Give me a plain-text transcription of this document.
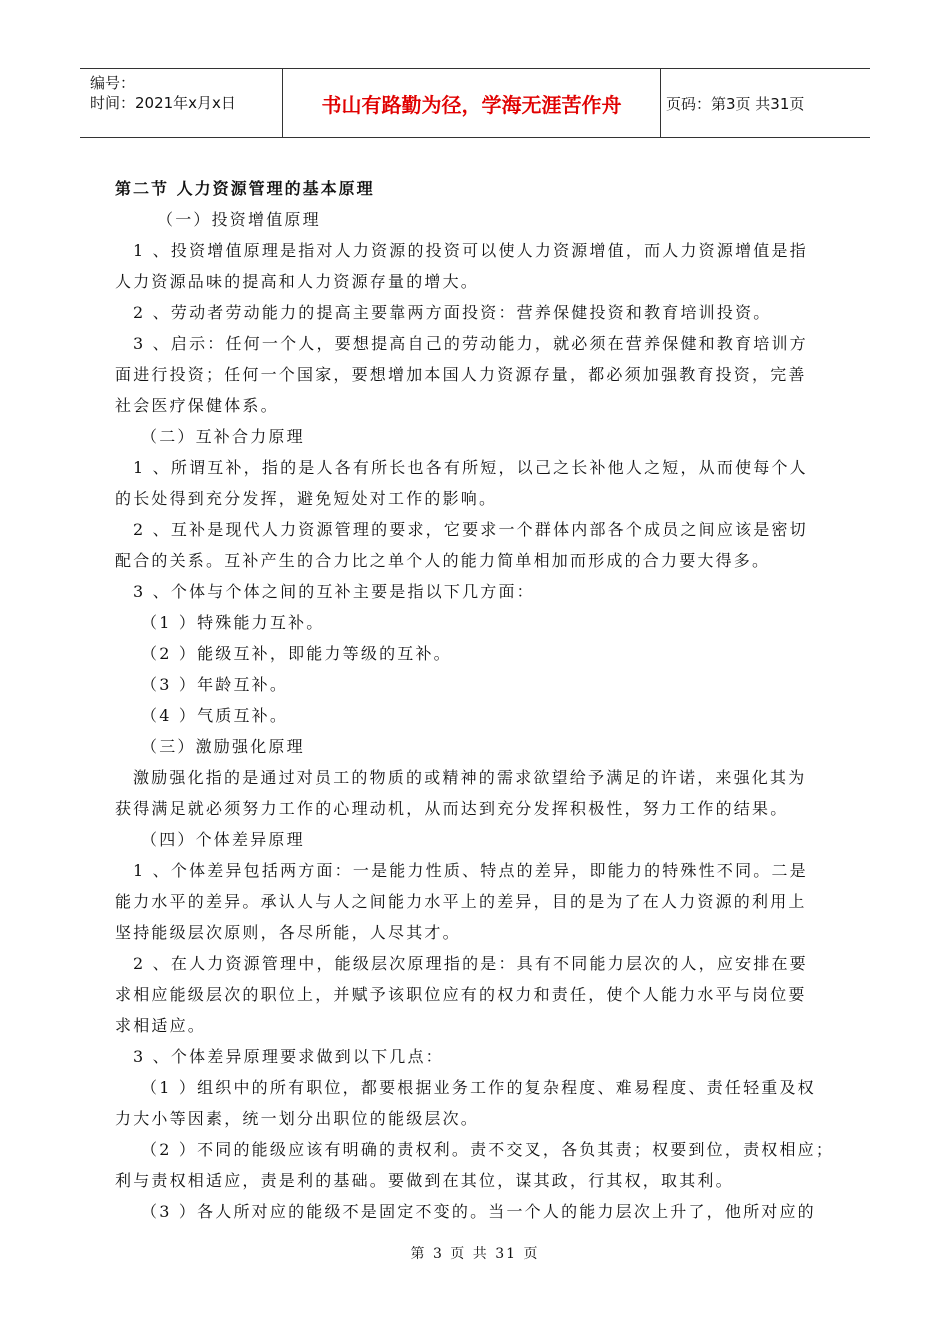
编号：
时间：2021年x月x日	书山有路勤为径，学海无涯苦作舟	页码：第3页 共31页
第二节 人力资源管理的基本原理
（一）投资增值原理
1 、投资增值原理是指对人力资源的投资可以使人力资源增值，而人力资源增值是指
人力资源品味的提高和人力资源存量的增大。
2 、劳动者劳动能力的提高主要靠两方面投资：营养保健投资和教育培训投资。
3 、启示：任何一个人，要想提高自己的劳动能力，就必须在营养保健和教育培训方
面进行投资；任何一个国家，要想增加本国人力资源存量，都必须加强教育投资，完善
社会医疗保健体系。
（二）互补合力原理
1 、所谓互补，指的是人各有所长也各有所短，以己之长补他人之短，从而使每个人
的长处得到充分发挥，避免短处对工作的影响。
2 、互补是现代人力资源管理的要求，它要求一个群体内部各个成员之间应该是密切
配合的关系。互补产生的合力比之单个人的能力简单相加而形成的合力要大得多。
3 、个体与个体之间的互补主要是指以下几方面：
（1 ）特殊能力互补。
（2 ）能级互补，即能力等级的互补。
（3 ）年龄互补。
（4 ）气质互补。
（三）激励强化原理
激励强化指的是通过对员工的物质的或精神的需求欲望给予满足的许诺，来强化其为
获得满足就必须努力工作的心理动机，从而达到充分发挥积极性，努力工作的结果。
（四）个体差异原理
1 、个体差异包括两方面：一是能力性质、特点的差异，即能力的特殊性不同。二是
能力水平的差异。承认人与人之间能力水平上的差异，目的是为了在人力资源的利用上
坚持能级层次原则，各尽所能，人尽其才。
2 、在人力资源管理中，能级层次原理指的是：具有不同能力层次的人，应安排在要
求相应能级层次的职位上，并赋予该职位应有的权力和责任，使个人能力水平与岗位要
求相适应。
3 、个体差异原理要求做到以下几点：
（1 ）组织中的所有职位，都要根据业务工作的复杂程度、难易程度、责任轻重及权
力大小等因素，统一划分出职位的能级层次。
（2 ）不同的能级应该有明确的责权利。责不交叉，各负其责；权要到位，责权相应；
利与责权相适应，责是利的基础。要做到在其位，谋其政，行其权，取其利。
（3 ）各人所对应的能级不是固定不变的。当一个人的能力层次上升了，他所对应的
第 3 页 共 31 页
